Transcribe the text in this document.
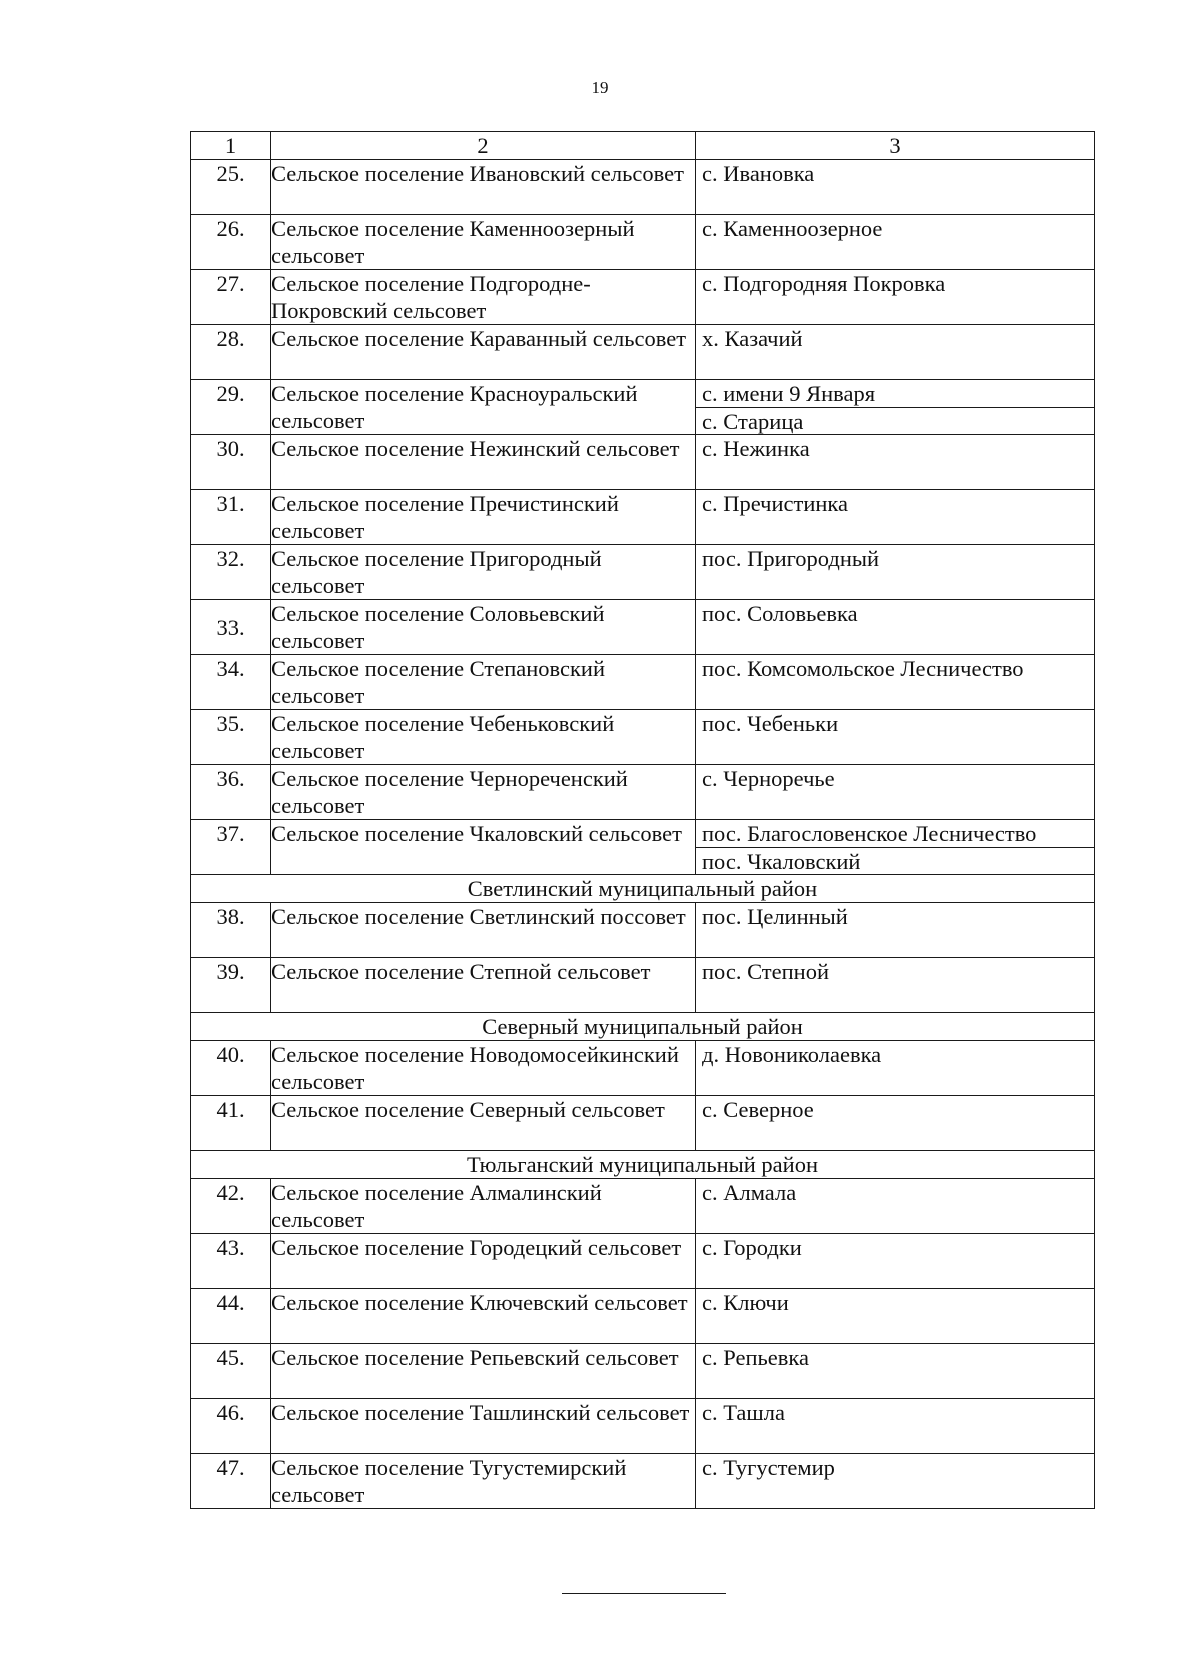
19
1	2	3
25.	Сельское поселение Ивановский сельсовет	с. Ивановка

26.	Сельское поселение Каменноозерный сельсовет	с. Каменноозерное

27.	Сельское поселение Подгородне-Покровский сельсовет	с. Подгородняя Покровка

28.	Сельское поселение Караванный сельсовет	х. Казачий

29.	Сельское поселение Красноуральский сельсовет	с. имени 9 Января
с. Старица

30.	Сельское поселение Нежинский сельсовет	с. Нежинка

31.	Сельское поселение Пречистинский сельсовет	с. Пречистинка

32.	Сельское поселение Пригородный сельсовет	пос. Пригородный

33.	Сельское поселение Соловьевский сельсовет	пос. Соловьевка

34.	Сельское поселение Степановский сельсовет	пос. Комсомольское Лесничество

35.	Сельское поселение Чебеньковский сельсовет	пос. Чебеньки

36.	Сельское поселение Чернореченский сельсовет	с. Черноречье

37.	Сельское поселение Чкаловский сельсовет	пос. Благословенское Лесничество
пос. Чкаловский

Светлинский муниципальный район		
38.	Сельское поселение Светлинский поссовет	пос. Целинный

39.	Сельское поселение Степной сельсовет	пос. Степной

Северный муниципальный район		
40.	Сельское поселение Новодомосейкинский сельсовет	д. Новониколаевка

41.	Сельское поселение Северный сельсовет	с. Северное

Тюльганский муниципальный район		
42.	Сельское поселение Алмалинский сельсовет	с. Алмала

43.	Сельское поселение Городецкий сельсовет	с. Городки

44.	Сельское поселение Ключевский сельсовет	с. Ключи

45.	Сельское поселение Репьевский сельсовет	с. Репьевка

46.	Сельское поселение Ташлинский сельсовет	с. Ташла

47.	Сельское поселение Тугустемирский сельсовет	с. Тугустемир
